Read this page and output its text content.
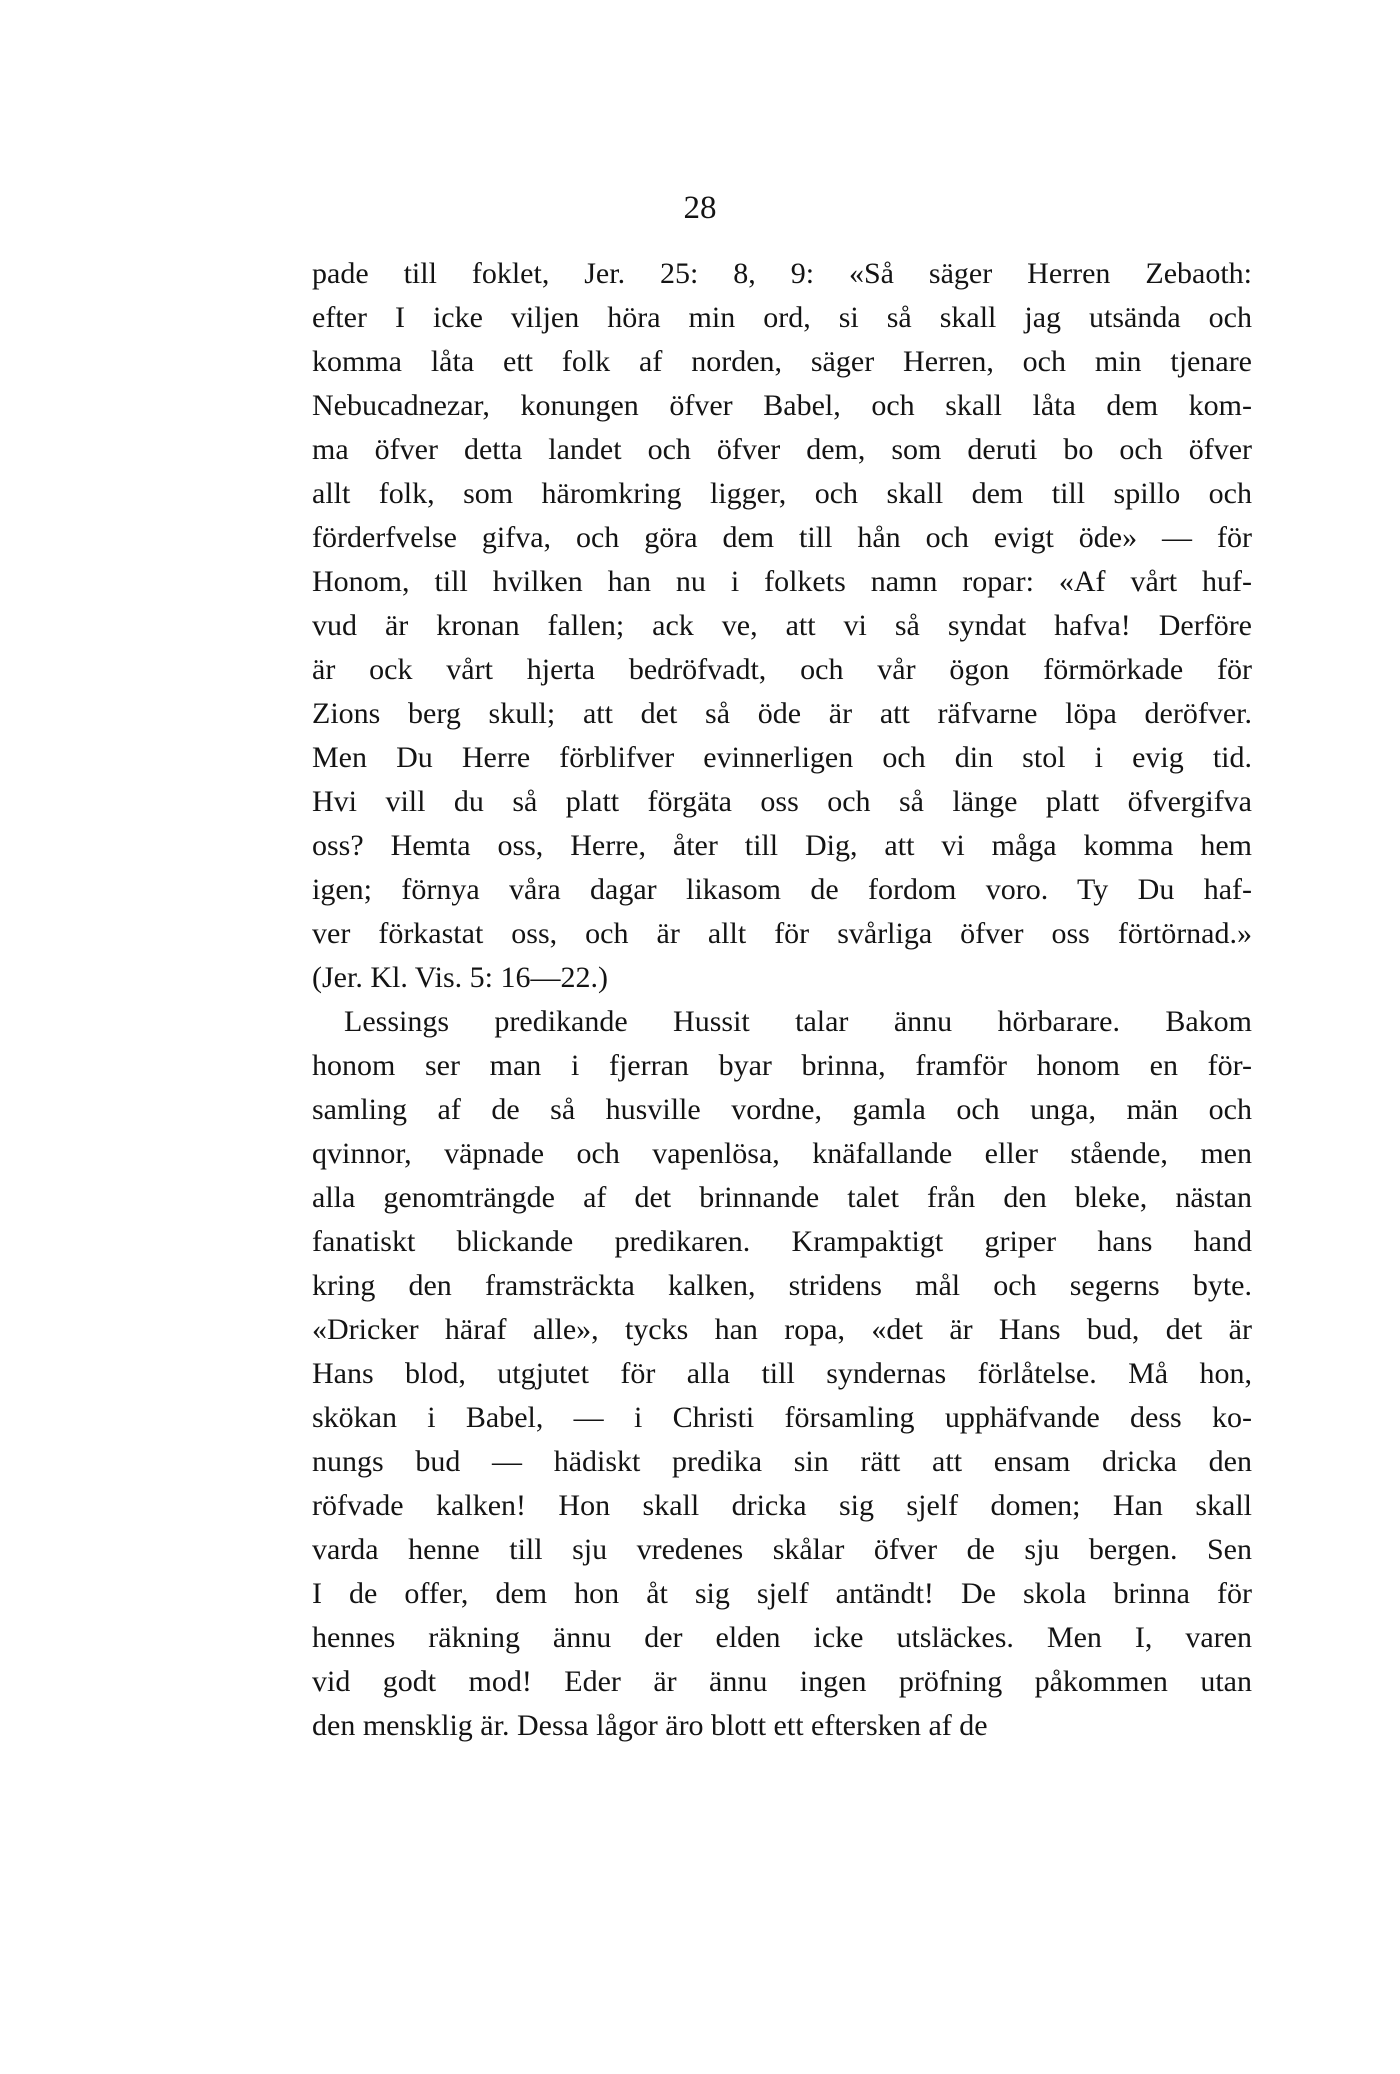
28
pade till foklet, Jer. 25: 8, 9: «Så säger Herren Zebaoth:
efter I icke viljen höra min ord, si så skall jag utsända och
komma låta ett folk af norden, säger Herren, och min tjenare
Nebucadnezar, konungen öfver Babel, och skall låta dem kom-
ma öfver detta landet och öfver dem, som deruti bo och öfver
allt folk, som häromkring ligger, och skall dem till spillo och
förderfvelse gifva, och göra dem till hån och evigt öde» — för
Honom, till hvilken han nu i folkets namn ropar: «Af vårt huf-
vud är kronan fallen; ack ve, att vi så syndat hafva! Derföre
är ock vårt hjerta bedröfvadt, och vår ögon förmörkade för
Zions berg skull; att det så öde är att räfvarne löpa deröfver.
Men Du Herre förblifver evinnerligen och din stol i evig tid.
Hvi vill du så platt förgäta oss och så länge platt öfvergifva
oss? Hemta oss, Herre, åter till Dig, att vi måga komma hem
igen; förnya våra dagar likasom de fordom voro. Ty Du haf-
ver förkastat oss, och är allt för svårliga öfver oss förtörnad.»
(Jer. Kl. Vis. 5: 16—22.)
Lessings predikande Hussit talar ännu hörbarare. Bakom
honom ser man i fjerran byar brinna, framför honom en för-
samling af de så husville vordne, gamla och unga, män och
qvinnor, väpnade och vapenlösa, knäfallande eller stående, men
alla genomträngde af det brinnande talet från den bleke, nästan
fanatiskt blickande predikaren. Krampaktigt griper hans hand
kring den framsträckta kalken, stridens mål och segerns byte.
«Dricker häraf alle», tycks han ropa, «det är Hans bud, det är
Hans blod, utgjutet för alla till syndernas förlåtelse. Må hon,
skökan i Babel, — i Christi församling upphäfvande dess ko-
nungs bud — hädiskt predika sin rätt att ensam dricka den
röfvade kalken! Hon skall dricka sig sjelf domen; Han skall
varda henne till sju vredenes skålar öfver de sju bergen. Sen
I de offer, dem hon åt sig sjelf antändt! De skola brinna för
hennes räkning ännu der elden icke utsläckes. Men I, varen
vid godt mod! Eder är ännu ingen pröfning påkommen utan
den mensklig är. Dessa lågor äro blott ett eftersken af de
